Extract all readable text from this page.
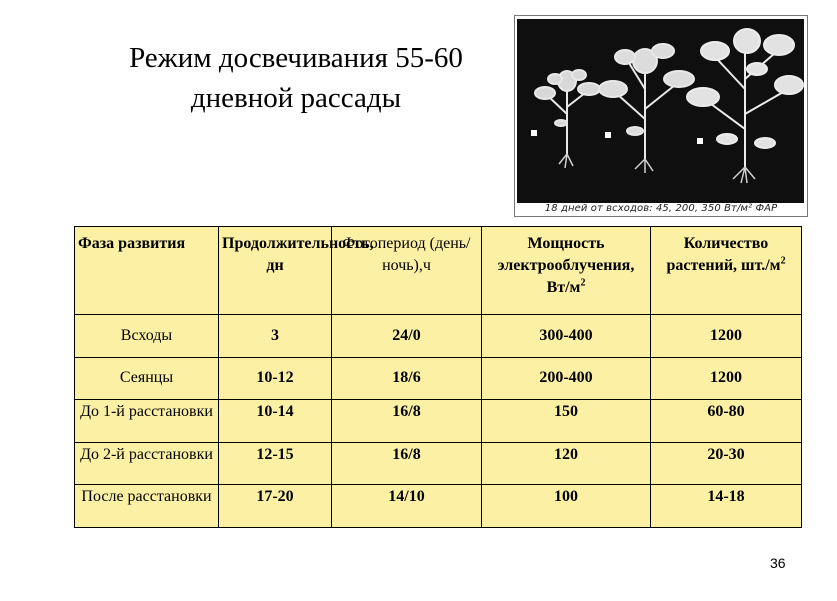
Режим досвечивания 55-60
дневной рассады
18 дней от всходов: 45, 200, 350 Вт/м² ФАР
Фаза развития	Продолжительность, дн	Фотопериод (день/ночь),ч	Мощность электрооблучения, $Вт/м^2$	Количество растений, $шт./м^2$
Всходы	3	24/0	300-400	1200
Сеянцы	10-12	18/6	200-400	1200
До 1-й расстановки	10-14	16/8	150	60-80
До 2-й расстановки	12-15	16/8	120	20-30
После расстановки	17-20	14/10	100	14-18
36
